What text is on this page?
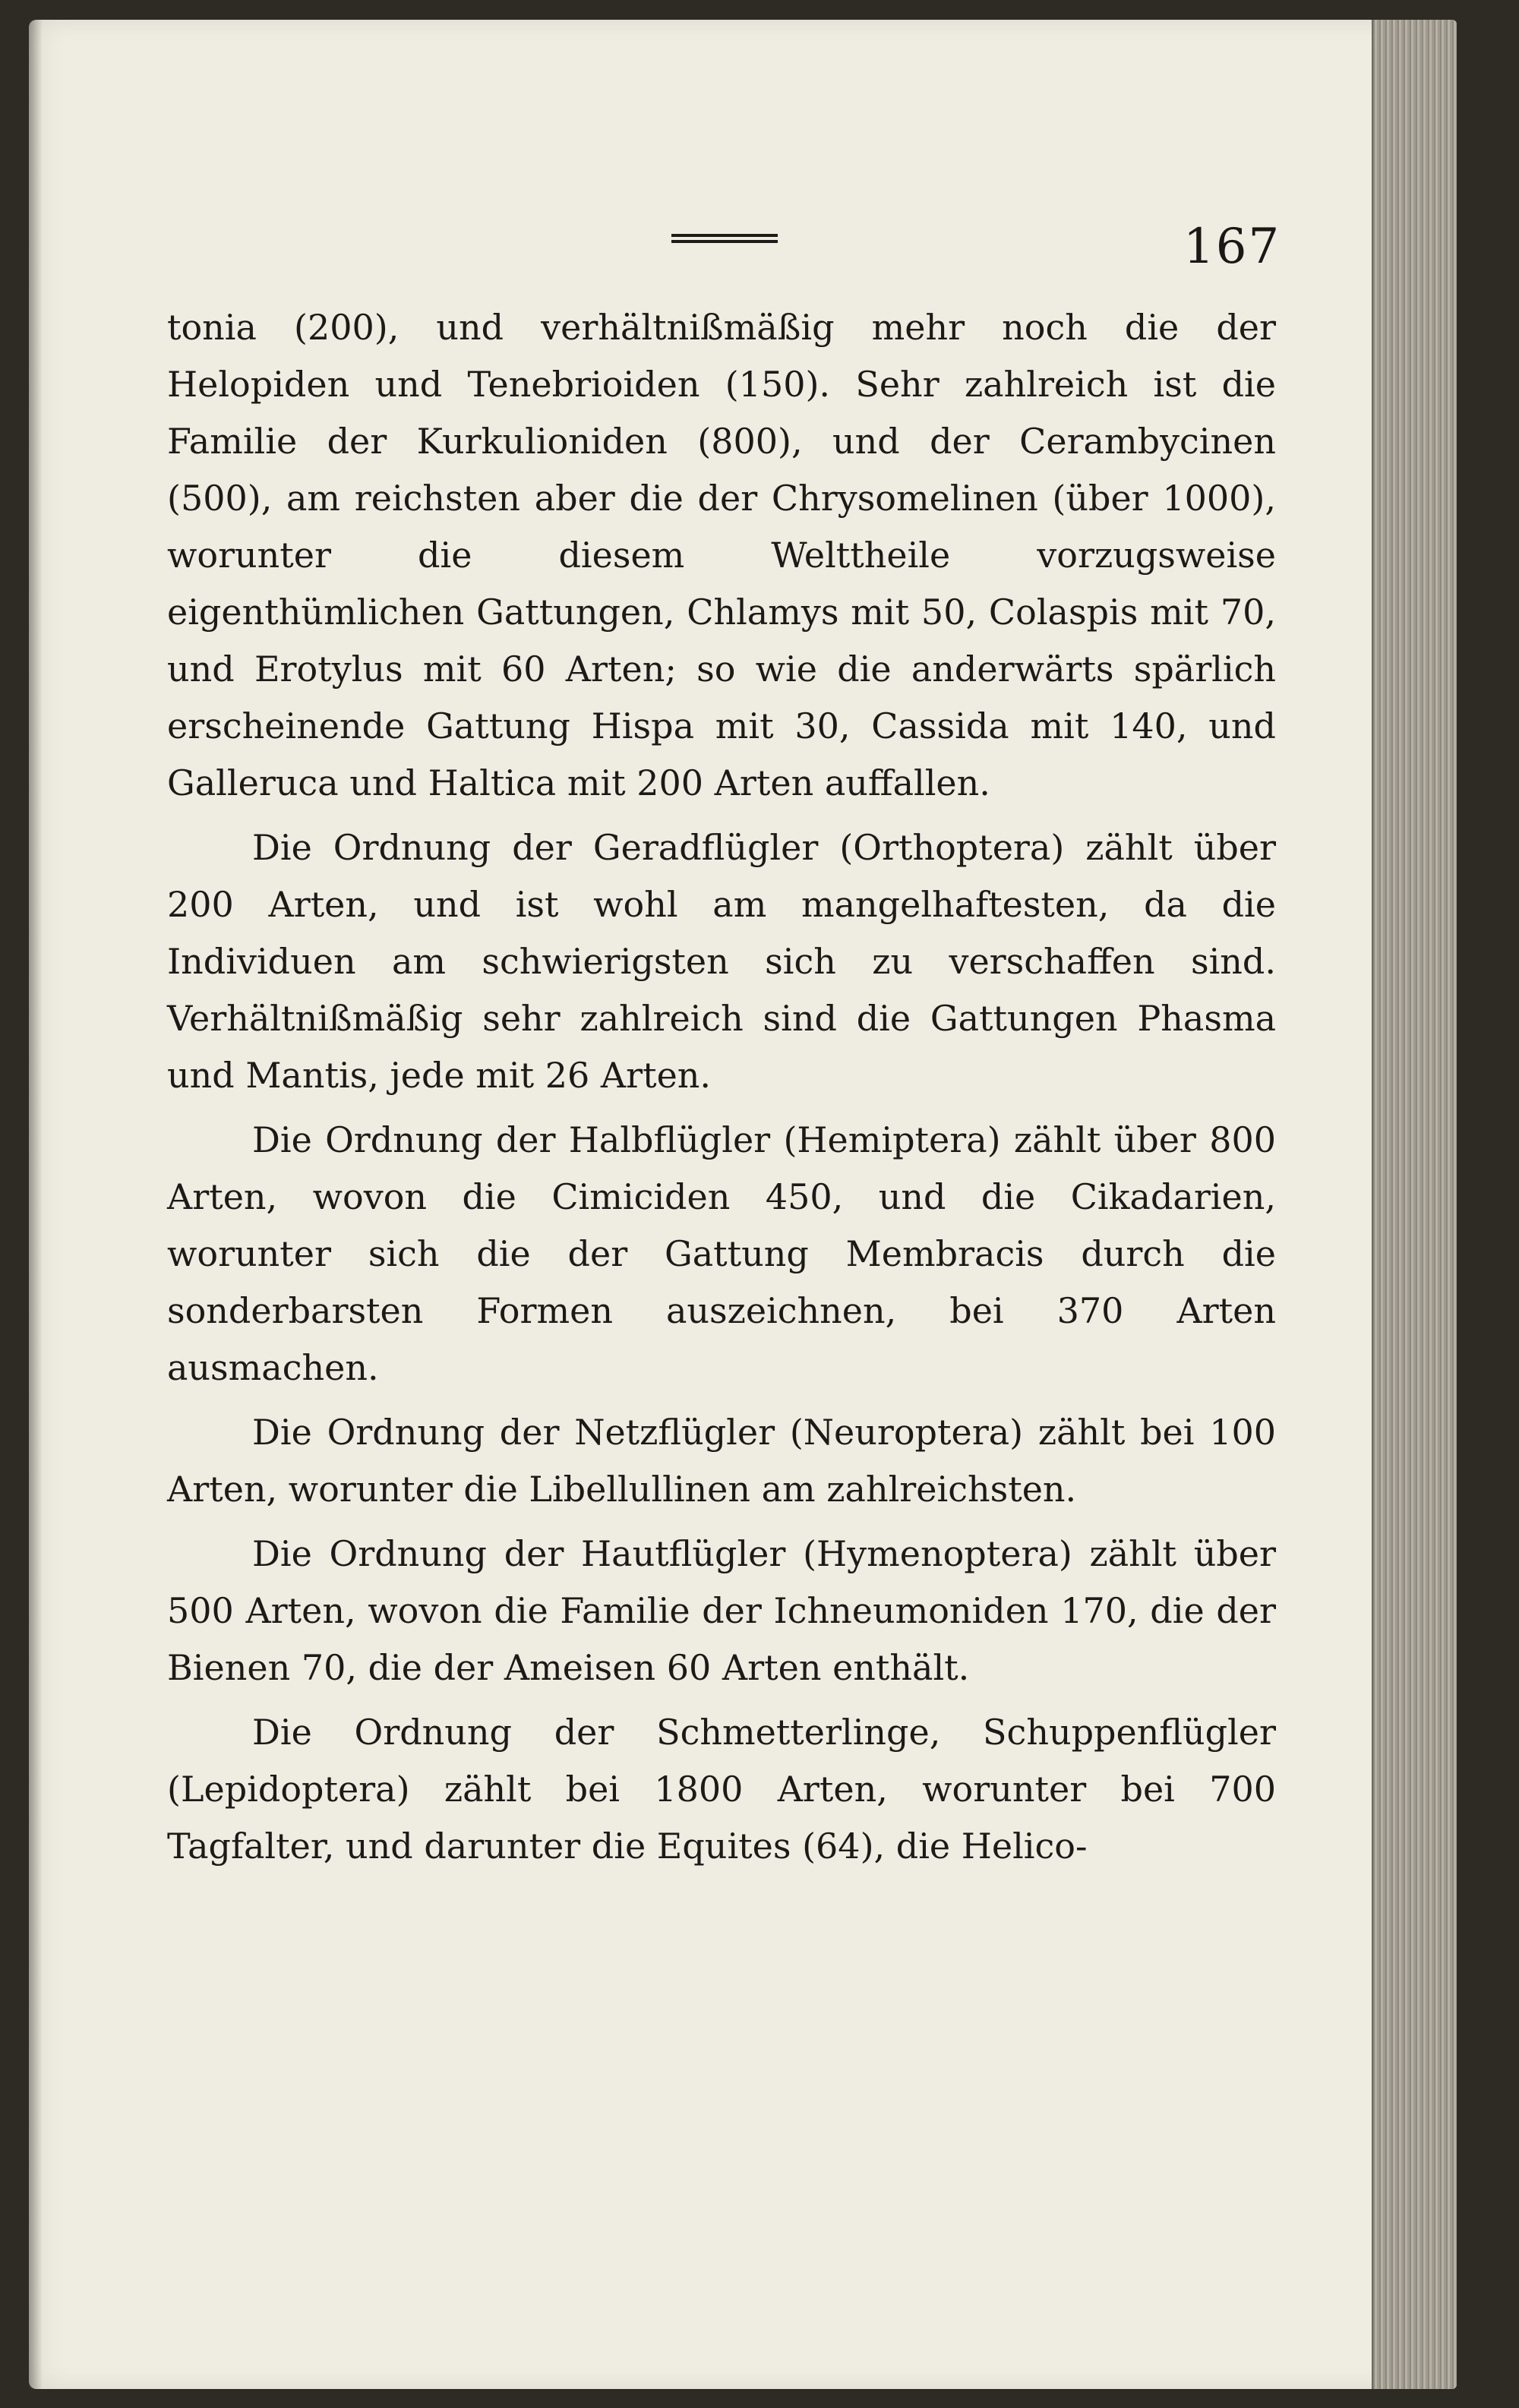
167

tonia (200), und verhältnißmäßig mehr noch die der Helopiden und Tenebrioiden (150). Sehr zahlreich ist die Familie der Kurkulioniden (800), und der Cerambycinen (500), am reichsten aber die der Chrysomelinen (über 1000), worunter die diesem Welttheile vorzugsweise eigenthümlichen Gattungen, Chlamys mit 50, Colaspis mit 70, und Erotylus mit 60 Arten; so wie die anderwärts spärlich erscheinende Gattung Hispa mit 30, Cassida mit 140, und Galleruca und Haltica mit 200 Arten auffallen.

Die Ordnung der Geradflügler (Orthoptera) zählt über 200 Arten, und ist wohl am mangelhaftesten, da die Individuen am schwierigsten sich zu verschaffen sind. Verhältnißmäßig sehr zahlreich sind die Gattungen Phasma und Mantis, jede mit 26 Arten.

Die Ordnung der Halbflügler (Hemiptera) zählt über 800 Arten, wovon die Cimiciden 450, und die Cikadarien, worunter sich die der Gattung Membracis durch die sonderbarsten Formen auszeichnen, bei 370 Arten ausmachen.

Die Ordnung der Netzflügler (Neuroptera) zählt bei 100 Arten, worunter die Libellullinen am zahlreichsten.

Die Ordnung der Hautflügler (Hymenoptera) zählt über 500 Arten, wovon die Familie der Ichneumoniden 170, die der Bienen 70, die der Ameisen 60 Arten enthält.

Die Ordnung der Schmetterlinge, Schuppenflügler (Lepidoptera) zählt bei 1800 Arten, worunter bei 700 Tagfalter, und darunter die Equites (64), die Helico-
